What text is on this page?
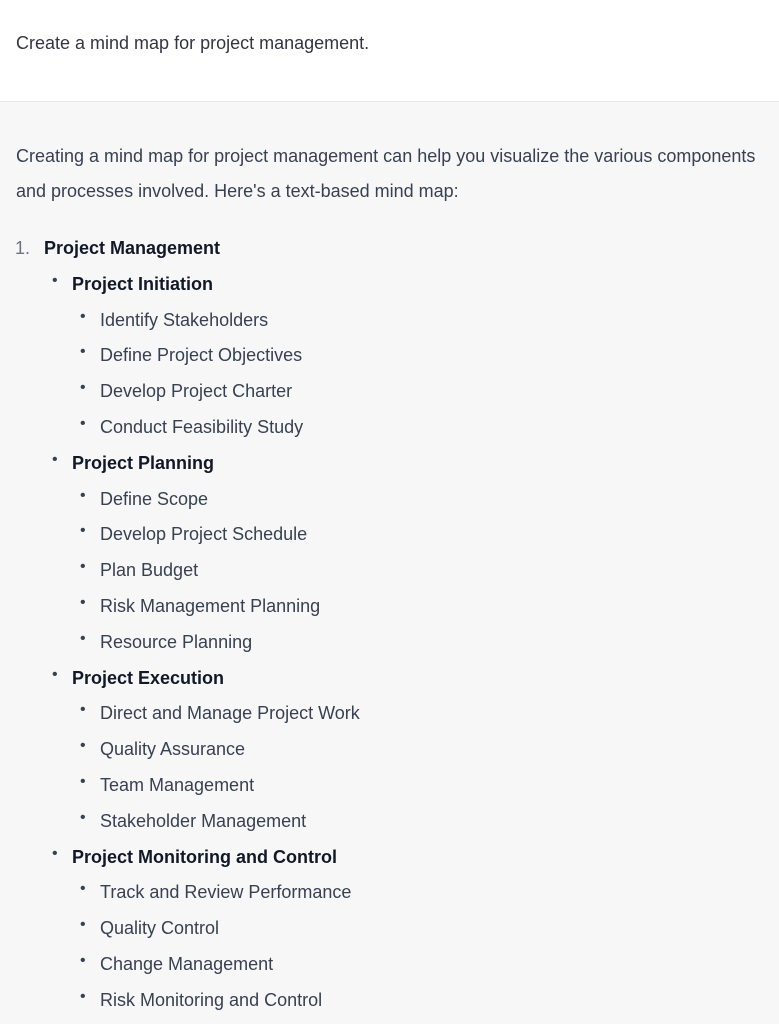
Create a mind map for project management.
Creating a mind map for project management can help you visualize the various components and processes involved. Here's a text-based mind map:
1. Project Management
• Project Initiation
• Identify Stakeholders
• Define Project Objectives
• Develop Project Charter
• Conduct Feasibility Study
• Project Planning
• Define Scope
• Develop Project Schedule
• Plan Budget
• Risk Management Planning
• Resource Planning
• Project Execution
• Direct and Manage Project Work
• Quality Assurance
• Team Management
• Stakeholder Management
• Project Monitoring and Control
• Track and Review Performance
• Quality Control
• Change Management
• Risk Monitoring and Control
